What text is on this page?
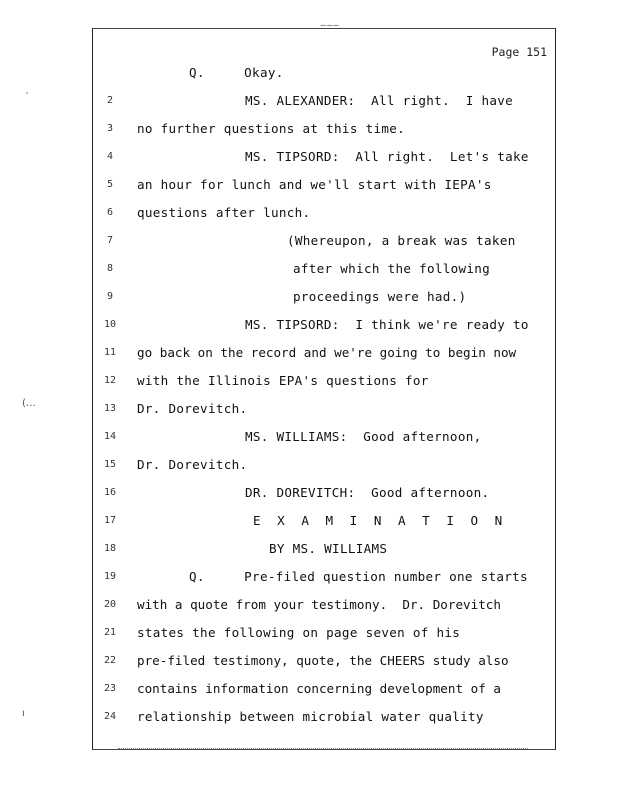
ˊ
(…
ı
‒‒‒
Page 151
Q.     Okay.
2	MS. ALEXANDER:  All right.  I have
3	no further questions at this time.
4	MS. TIPSORD:  All right.  Let's take
5	an hour for lunch and we'll start with IEPA's
6	questions after lunch.
7	(Whereupon, a break was taken
8	after which the following
9	proceedings were had.)
10	MS. TIPSORD:  I think we're ready to
11	go back on the record and we're going to begin now
12	with the Illinois EPA's questions for
13	Dr. Dorevitch.
14	MS. WILLIAMS:  Good afternoon,
15	Dr. Dorevitch.
16	DR. DOREVITCH:  Good afternoon.
17	E X A M I N A T I O N
18	BY MS. WILLIAMS
19	Q.     Pre-filed question number one starts
20	with a quote from your testimony.  Dr. Dorevitch
21	states the following on page seven of his
22	pre-filed testimony, quote, the CHEERS study also
23	contains information concerning development of a
24	relationship between microbial water quality
